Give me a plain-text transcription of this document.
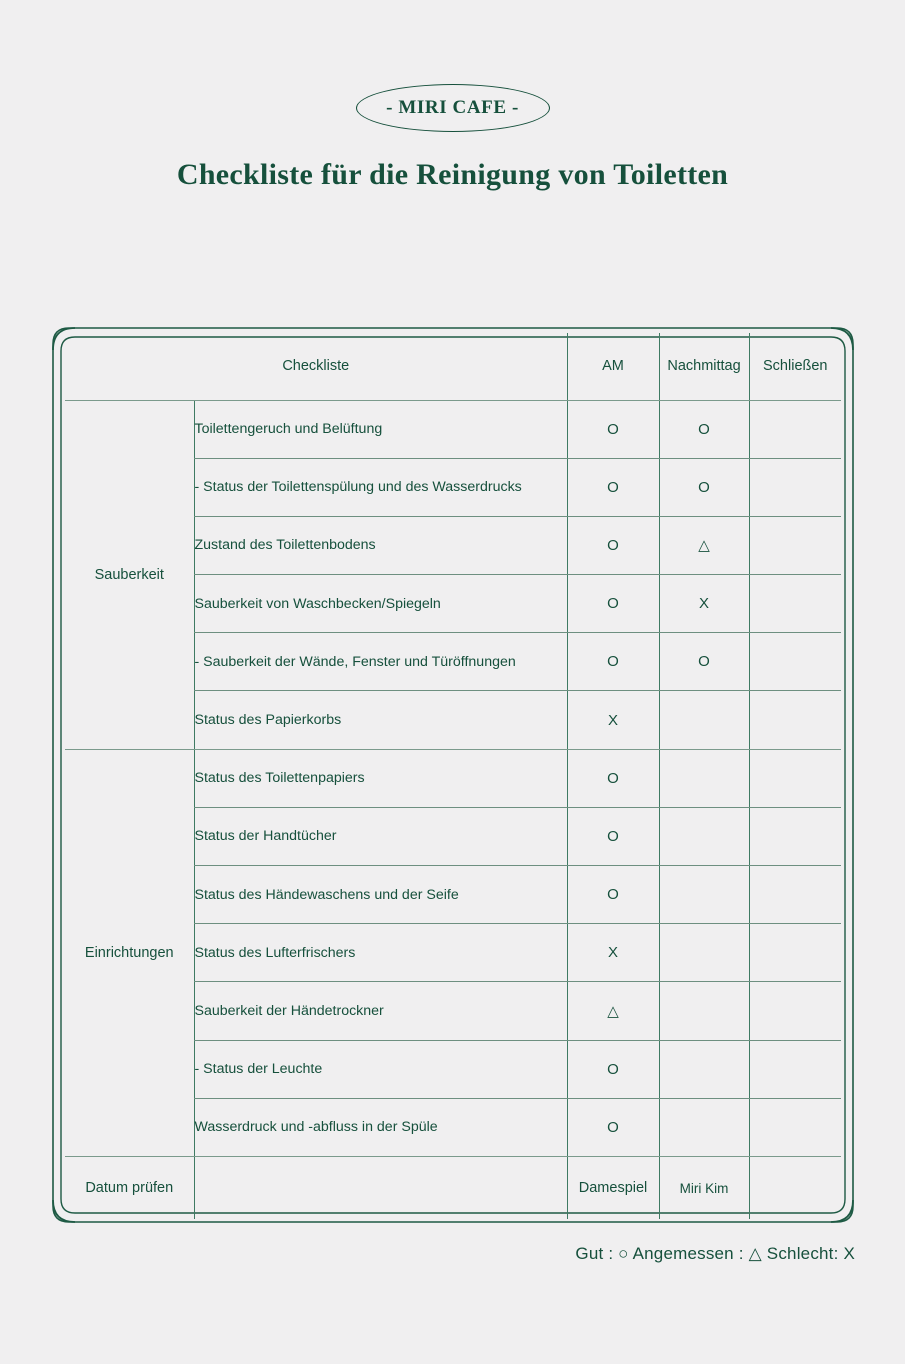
- MIRI CAFE -
Checkliste für die Reinigung von Toiletten
Checkliste		AM	Nachmittag	Schließen
Sauberkeit	Toilettengeruch und Belüftung	O	O	
	- Status der Toilettenspülung und des Wasserdrucks	O	O	
	Zustand des Toilettenbodens	O	△	
	Sauberkeit von Waschbecken/Spiegeln	O	X	
	- Sauberkeit der Wände, Fenster und Türöffnungen	O	O	
	Status des Papierkorbs	X		
Einrichtungen	Status des Toilettenpapiers	O		
	Status der Handtücher	O		
	Status des Händewaschens und der Seife	O		
	Status des Lufterfrischers	X		
	Sauberkeit der Händetrockner	△		
	- Status der Leuchte	O		
	Wasserdruck und -abfluss in der Spüle	O		
Datum prüfen		Damespiel	Miri Kim	
Gut : ○ Angemessen : △ Schlecht: X
